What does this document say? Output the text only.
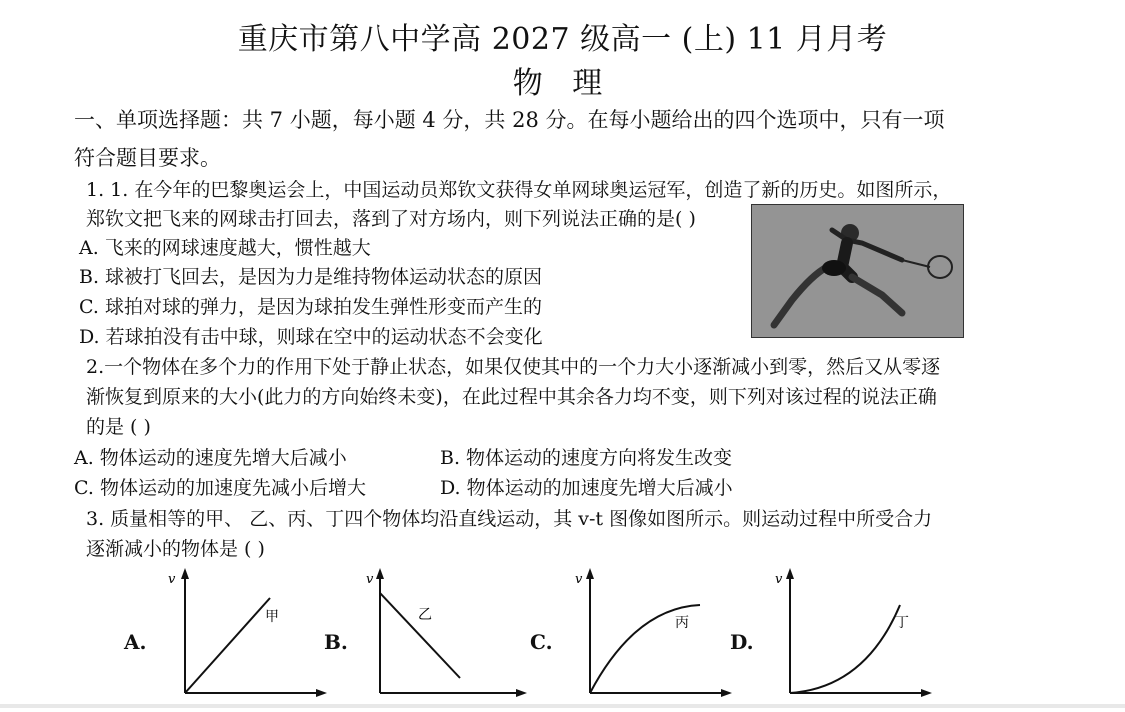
重庆市第八中学高 2027 级高一 (上) 11 月月考
物 理
一、单项选择题：共 7 小题，每小题 4 分，共 28 分。在每小题给出的四个选项中，只有一项
符合题目要求。
1. 1. 在今年的巴黎奥运会上，中国运动员郑钦文获得女单网球奥运冠军，创造了新的历史。如图所示，
郑钦文把飞来的网球击打回去，落到了对方场内，则下列说法正确的是( )
A. 飞来的网球速度越大，惯性越大
B. 球被打飞回去，是因为力是维持物体运动状态的原因
C. 球拍对球的弹力，是因为球拍发生弹性形变而产生的
D. 若球拍没有击中球，则球在空中的运动状态不会变化
2.一个物体在多个力的作用下处于静止状态，如果仅使其中的一个力大小逐渐减小到零，然后又从零逐
渐恢复到原来的大小(此力的方向始终未变)，在此过程中其余各力均不变，则下列对该过程的说法正确
的是 ( )
A. 物体运动的速度先增大后减小	B. 物体运动的速度方向将发生改变
C. 物体运动的加速度先减小后增大	D. 物体运动的加速度先增大后减小
3. 质量相等的甲、 乙、丙、丁四个物体均沿直线运动，其 v-t 图像如图所示。则运动过程中所受合力
逐渐减小的物体是 ( )
A.
v
甲
B.
v
乙
C.
v
丙
D.
v
丁
